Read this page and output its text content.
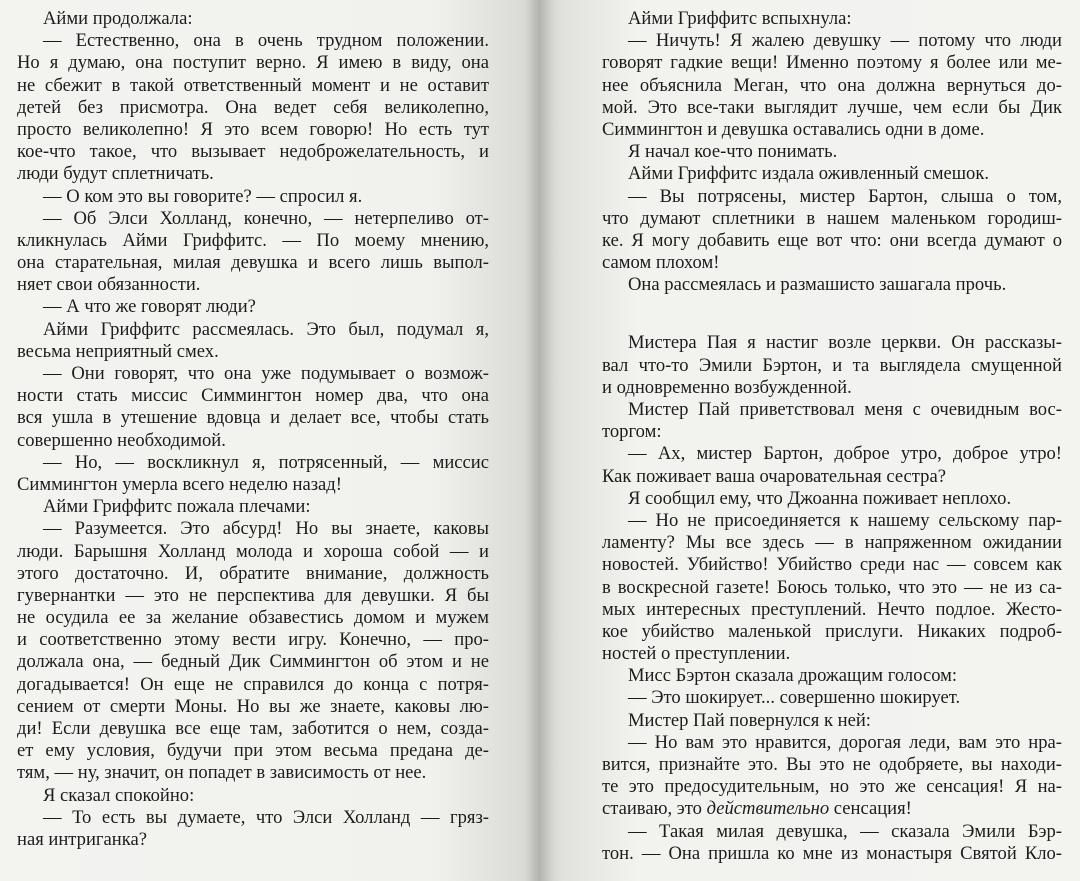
Айми продолжала:
— Естественно, она в очень трудном положении.
Но я думаю, она поступит верно. Я имею в виду, она
не сбежит в такой ответственный момент и не оставит
детей без присмотра. Она ведет себя великолепно,
просто великолепно! Я это всем говорю! Но есть тут
кое-что такое, что вызывает недоброжелательность, и
люди будут сплетничать.
— О ком это вы говорите? — спросил я.
— Об Элси Холланд, конечно, — нетерпеливо от-
кликнулась Айми Гриффитс. — По моему мнению,
она старательная, милая девушка и всего лишь выпол-
няет свои обязанности.
— А что же говорят люди?
Айми Гриффитс рассмеялась. Это был, подумал я,
весьма неприятный смех.
— Они говорят, что она уже подумывает о возмож-
ности стать миссис Симмингтон номер два, что она
вся ушла в утешение вдовца и делает все, чтобы стать
совершенно необходимой.
— Но, — воскликнул я, потрясенный, — миссис
Симмингтон умерла всего неделю назад!
Айми Гриффитс пожала плечами:
— Разумеется. Это абсурд! Но вы знаете, каковы
люди. Барышня Холланд молода и хороша собой — и
этого достаточно. И, обратите внимание, должность
гувернантки — это не перспектива для девушки. Я бы
не осудила ее за желание обзавестись домом и мужем
и соответственно этому вести игру. Конечно, — про-
должала она, — бедный Дик Симмингтон об этом и не
догадывается! Он еще не справился до конца с потря-
сением от смерти Моны. Но вы же знаете, каковы лю-
ди! Если девушка все еще там, заботится о нем, созда-
ет ему условия, будучи при этом весьма предана де-
тям, — ну, значит, он попадет в зависимость от нее.
Я сказал спокойно:
— То есть вы думаете, что Элси Холланд — гряз-
ная интриганка?
Айми Гриффитс вспыхнула:
— Ничуть! Я жалею девушку — потому что люди
говорят гадкие вещи! Именно поэтому я более или ме-
нее объяснила Меган, что она должна вернуться до-
мой. Это все-таки выглядит лучше, чем если бы Дик
Симмингтон и девушка оставались одни в доме.
Я начал кое-что понимать.
Айми Гриффитс издала оживленный смешок.
— Вы потрясены, мистер Бартон, слыша о том,
что думают сплетники в нашем маленьком городиш-
ке. Я могу добавить еще вот что: они всегда думают о
самом плохом!
Она рассмеялась и размашисто зашагала прочь.
Мистера Пая я настиг возле церкви. Он рассказы-
вал что-то Эмили Бэртон, и та выглядела смущенной
и одновременно возбужденной.
Мистер Пай приветствовал меня с очевидным вос-
торгом:
— Ах, мистер Бартон, доброе утро, доброе утро!
Как поживает ваша очаровательная сестра?
Я сообщил ему, что Джоанна поживает неплохо.
— Но не присоединяется к нашему сельскому пар-
ламенту? Мы все здесь — в напряженном ожидании
новостей. Убийство! Убийство среди нас — совсем как
в воскресной газете! Боюсь только, что это — не из са-
мых интересных преступлений. Нечто подлое. Жесто-
кое убийство маленькой прислуги. Никаких подроб-
ностей о преступлении.
Мисс Бэртон сказала дрожащим голосом:
— Это шокирует... совершенно шокирует.
Мистер Пай повернулся к ней:
— Но вам это нравится, дорогая леди, вам это нра-
вится, признайте это. Вы это не одобряете, вы находи-
те это предосудительным, но это же сенсация! Я на-
стаиваю, это действительно сенсация!
— Такая милая девушка, — сказала Эмили Бэр-
тон. — Она пришла ко мне из монастыря Святой Кло-
